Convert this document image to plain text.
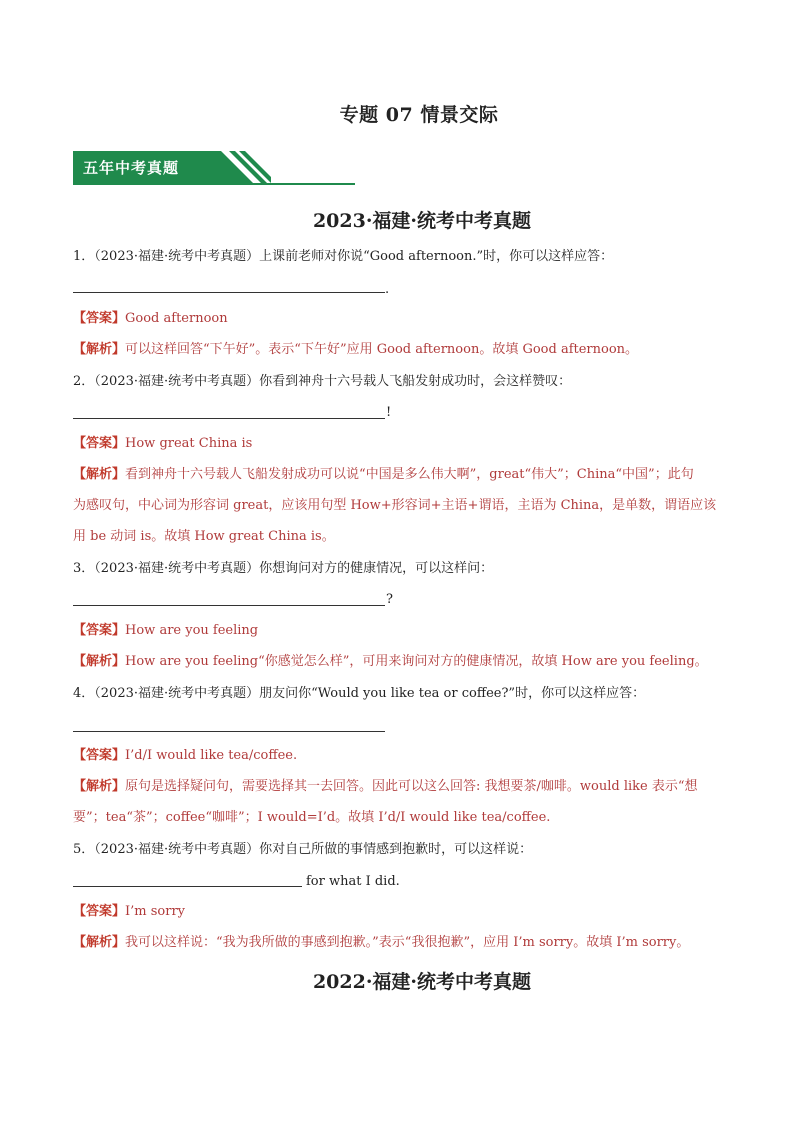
专题 07 情景交际
五年中考真题
2023·福建·统考中考真题
1．（2023·福建·统考中考真题）上课前老师对你说“Good afternoon.”时，你可以这样应答：
.
【答案】Good afternoon
【解析】可以这样回答“下午好”。表示“下午好”应用 Good afternoon。故填 Good afternoon。
2．（2023·福建·统考中考真题）你看到神舟十六号载人飞船发射成功时，会这样赞叹：
!
【答案】How great China is
【解析】看到神舟十六号载人飞船发射成功可以说“中国是多么伟大啊”，great“伟大”；China“中国”；此句
为感叹句，中心词为形容词 great，应该用句型 How+形容词+主语+谓语，主语为 China，是单数，谓语应该
用 be 动词 is。故填 How great China is。
3．（2023·福建·统考中考真题）你想询问对方的健康情况，可以这样问：
?
【答案】How are you feeling
【解析】How are you feeling“你感觉怎么样”，可用来询问对方的健康情况，故填 How are you feeling。
4．（2023·福建·统考中考真题）朋友问你“Would you like tea or coffee?”时，你可以这样应答：
【答案】I’d/I would like tea/coffee.
【解析】原句是选择疑问句，需要选择其一去回答。因此可以这么回答: 我想要茶/咖啡。would like 表示“想
要”；tea“茶”；coffee“咖啡”；I would=I’d。故填 I’d/I would like tea/coffee.
5．（2023·福建·统考中考真题）你对自己所做的事情感到抱歉时，可以这样说：
for what I did.
【答案】I’m sorry
【解析】我可以这样说：“我为我所做的事感到抱歉。”表示“我很抱歉”，应用 I’m sorry。故填 I’m sorry。
2022·福建·统考中考真题
